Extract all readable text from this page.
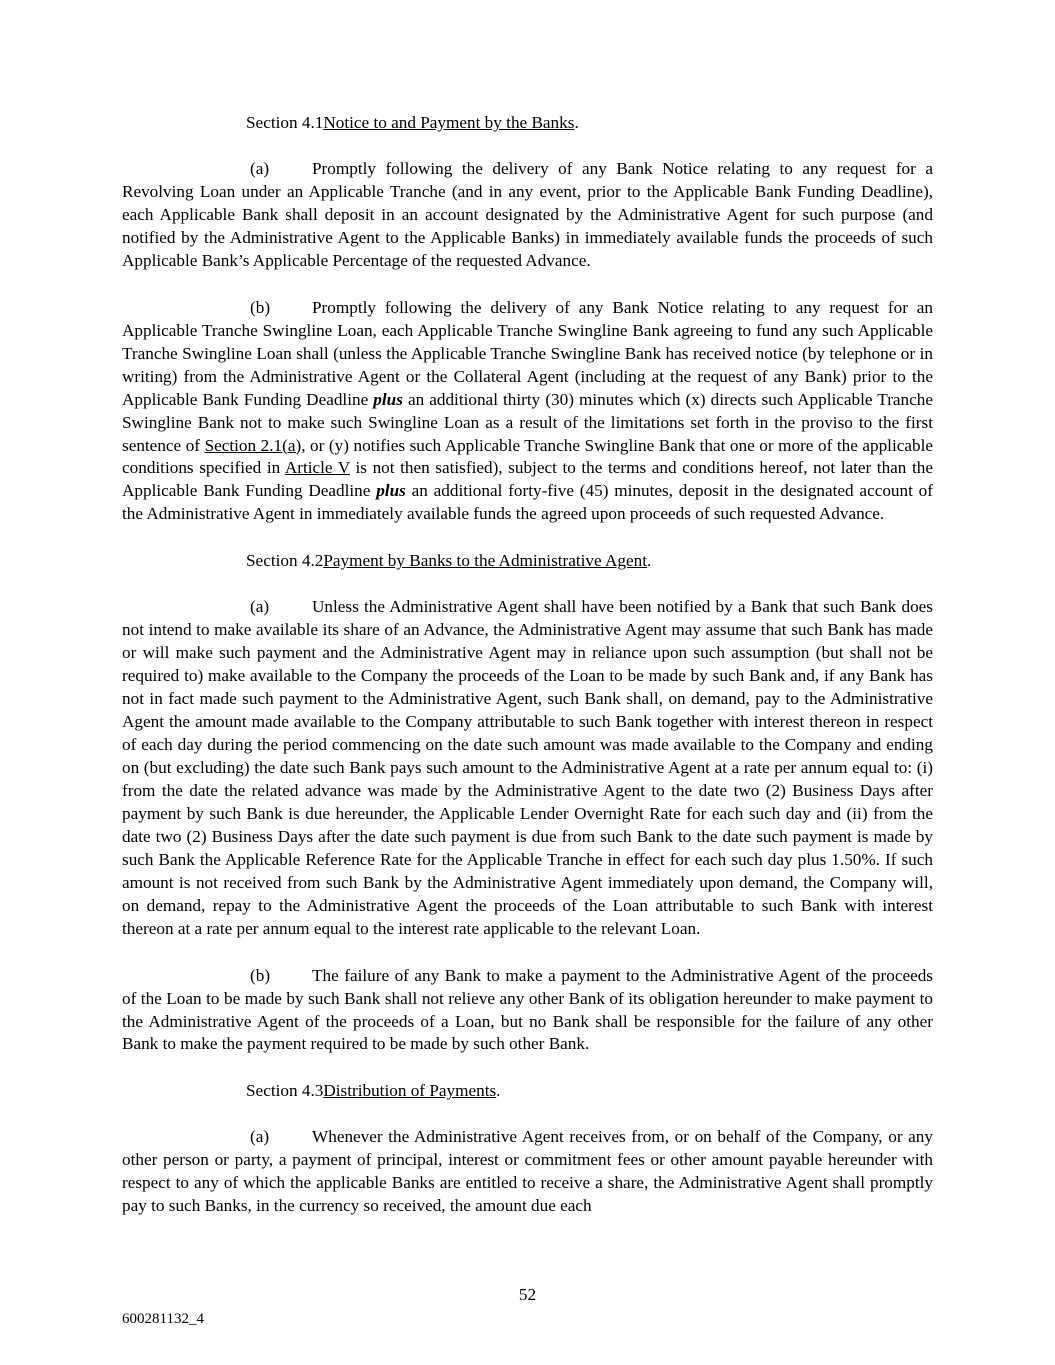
Section 4.1Notice to and Payment by the Banks.

(a) Promptly following the delivery of any Bank Notice relating to any request for a Revolving Loan under an Applicable Tranche (and in any event, prior to the Applicable Bank Funding Deadline), each Applicable Bank shall deposit in an account designated by the Administrative Agent for such purpose (and notified by the Administrative Agent to the Applicable Banks) in immediately available funds the proceeds of such Applicable Bank’s Applicable Percentage of the requested Advance.

(b) Promptly following the delivery of any Bank Notice relating to any request for an Applicable Tranche Swingline Loan, each Applicable Tranche Swingline Bank agreeing to fund any such Applicable Tranche Swingline Loan shall (unless the Applicable Tranche Swingline Bank has received notice (by telephone or in writing) from the Administrative Agent or the Collateral Agent (including at the request of any Bank) prior to the Applicable Bank Funding Deadline plus an additional thirty (30) minutes which (x) directs such Applicable Tranche Swingline Bank not to make such Swingline Loan as a result of the limitations set forth in the proviso to the first sentence of Section 2.1(a), or (y) notifies such Applicable Tranche Swingline Bank that one or more of the applicable conditions specified in Article V is not then satisfied), subject to the terms and conditions hereof, not later than the Applicable Bank Funding Deadline plus an additional forty-five (45) minutes, deposit in the designated account of the Administrative Agent in immediately available funds the agreed upon proceeds of such requested Advance.

Section 4.2Payment by Banks to the Administrative Agent.

(a) Unless the Administrative Agent shall have been notified by a Bank that such Bank does not intend to make available its share of an Advance, the Administrative Agent may assume that such Bank has made or will make such payment and the Administrative Agent may in reliance upon such assumption (but shall not be required to) make available to the Company the proceeds of the Loan to be made by such Bank and, if any Bank has not in fact made such payment to the Administrative Agent, such Bank shall, on demand, pay to the Administrative Agent the amount made available to the Company attributable to such Bank together with interest thereon in respect of each day during the period commencing on the date such amount was made available to the Company and ending on (but excluding) the date such Bank pays such amount to the Administrative Agent at a rate per annum equal to: (i) from the date the related advance was made by the Administrative Agent to the date two (2) Business Days after payment by such Bank is due hereunder, the Applicable Lender Overnight Rate for each such day and (ii) from the date two (2) Business Days after the date such payment is due from such Bank to the date such payment is made by such Bank the Applicable Reference Rate for the Applicable Tranche in effect for each such day plus 1.50%. If such amount is not received from such Bank by the Administrative Agent immediately upon demand, the Company will, on demand, repay to the Administrative Agent the proceeds of the Loan attributable to such Bank with interest thereon at a rate per annum equal to the interest rate applicable to the relevant Loan.

(b) The failure of any Bank to make a payment to the Administrative Agent of the proceeds of the Loan to be made by such Bank shall not relieve any other Bank of its obligation hereunder to make payment to the Administrative Agent of the proceeds of a Loan, but no Bank shall be responsible for the failure of any other Bank to make the payment required to be made by such other Bank.

Section 4.3Distribution of Payments.

(a) Whenever the Administrative Agent receives from, or on behalf of the Company, or any other person or party, a payment of principal, interest or commitment fees or other amount payable hereunder with respect to any of which the applicable Banks are entitled to receive a share, the Administrative Agent shall promptly pay to such Banks, in the currency so received, the amount due each

52
600281132_4
